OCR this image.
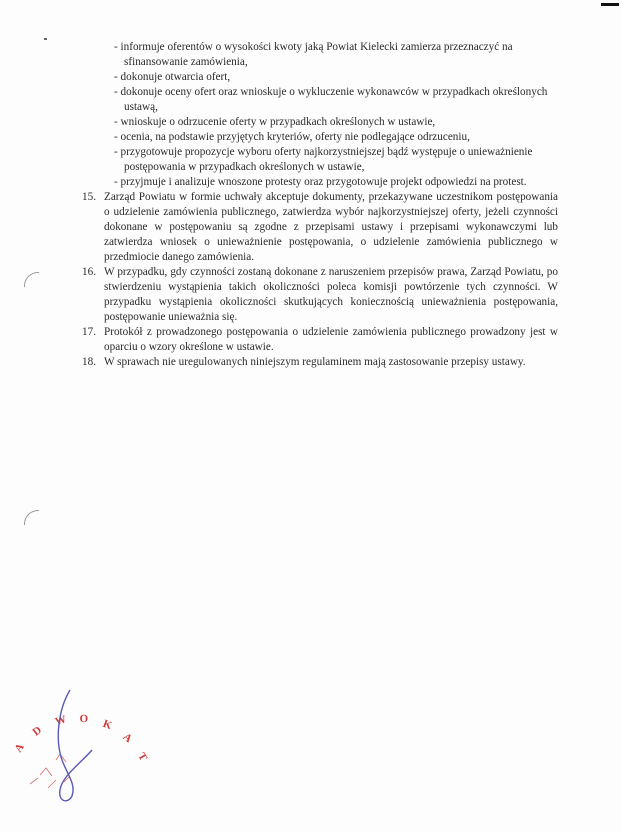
- informuje oferentów o wysokości kwoty jaką Powiat Kielecki zamierza przeznaczyć na sfinansowanie zamówienia,
- dokonuje otwarcia ofert,
- dokonuje oceny ofert oraz wnioskuje o wykluczenie wykonawców w przypadkach określonych ustawą,
- wnioskuje o odrzucenie oferty w przypadkach określonych w ustawie,
- ocenia, na podstawie przyjętych kryteriów, oferty nie podlegające odrzuceniu,
- przygotowuje propozycje wyboru oferty najkorzystniejszej bądź występuje o unieważnienie postępowania w przypadkach określonych w ustawie,
- przyjmuje i analizuje wnoszone protesty oraz przygotowuje projekt odpowiedzi na protest.
15. Zarząd Powiatu w formie uchwały akceptuje dokumenty, przekazywane uczestnikom postępowania o udzielenie zamówienia publicznego, zatwierdza wybór najkorzystniejszej oferty, jeżeli czynności dokonane w postępowaniu są zgodne z przepisami ustawy i przepisami wykonawczymi lub zatwierdza wniosek o unieważnienie postępowania, o udzielenie zamówienia publicznego w przedmiocie danego zamówienia.
16. W przypadku, gdy czynności zostaną dokonane z naruszeniem przepisów prawa, Zarząd Powiatu, po stwierdzeniu wystąpienia takich okoliczności poleca komisji powtórzenie tych czynności. W przypadku wystąpienia okoliczności skutkujących koniecznością unieważnienia postępowania, postępowanie unieważnia się.
17. Protokół z prowadzonego postępowania o udzielenie zamówienia publicznego prowadzony jest w oparciu o wzory określone w ustawie.
18. W sprawach nie uregulowanych niniejszym regulaminem mają zastosowanie przepisy ustawy.
A
D
W O K
A
T
